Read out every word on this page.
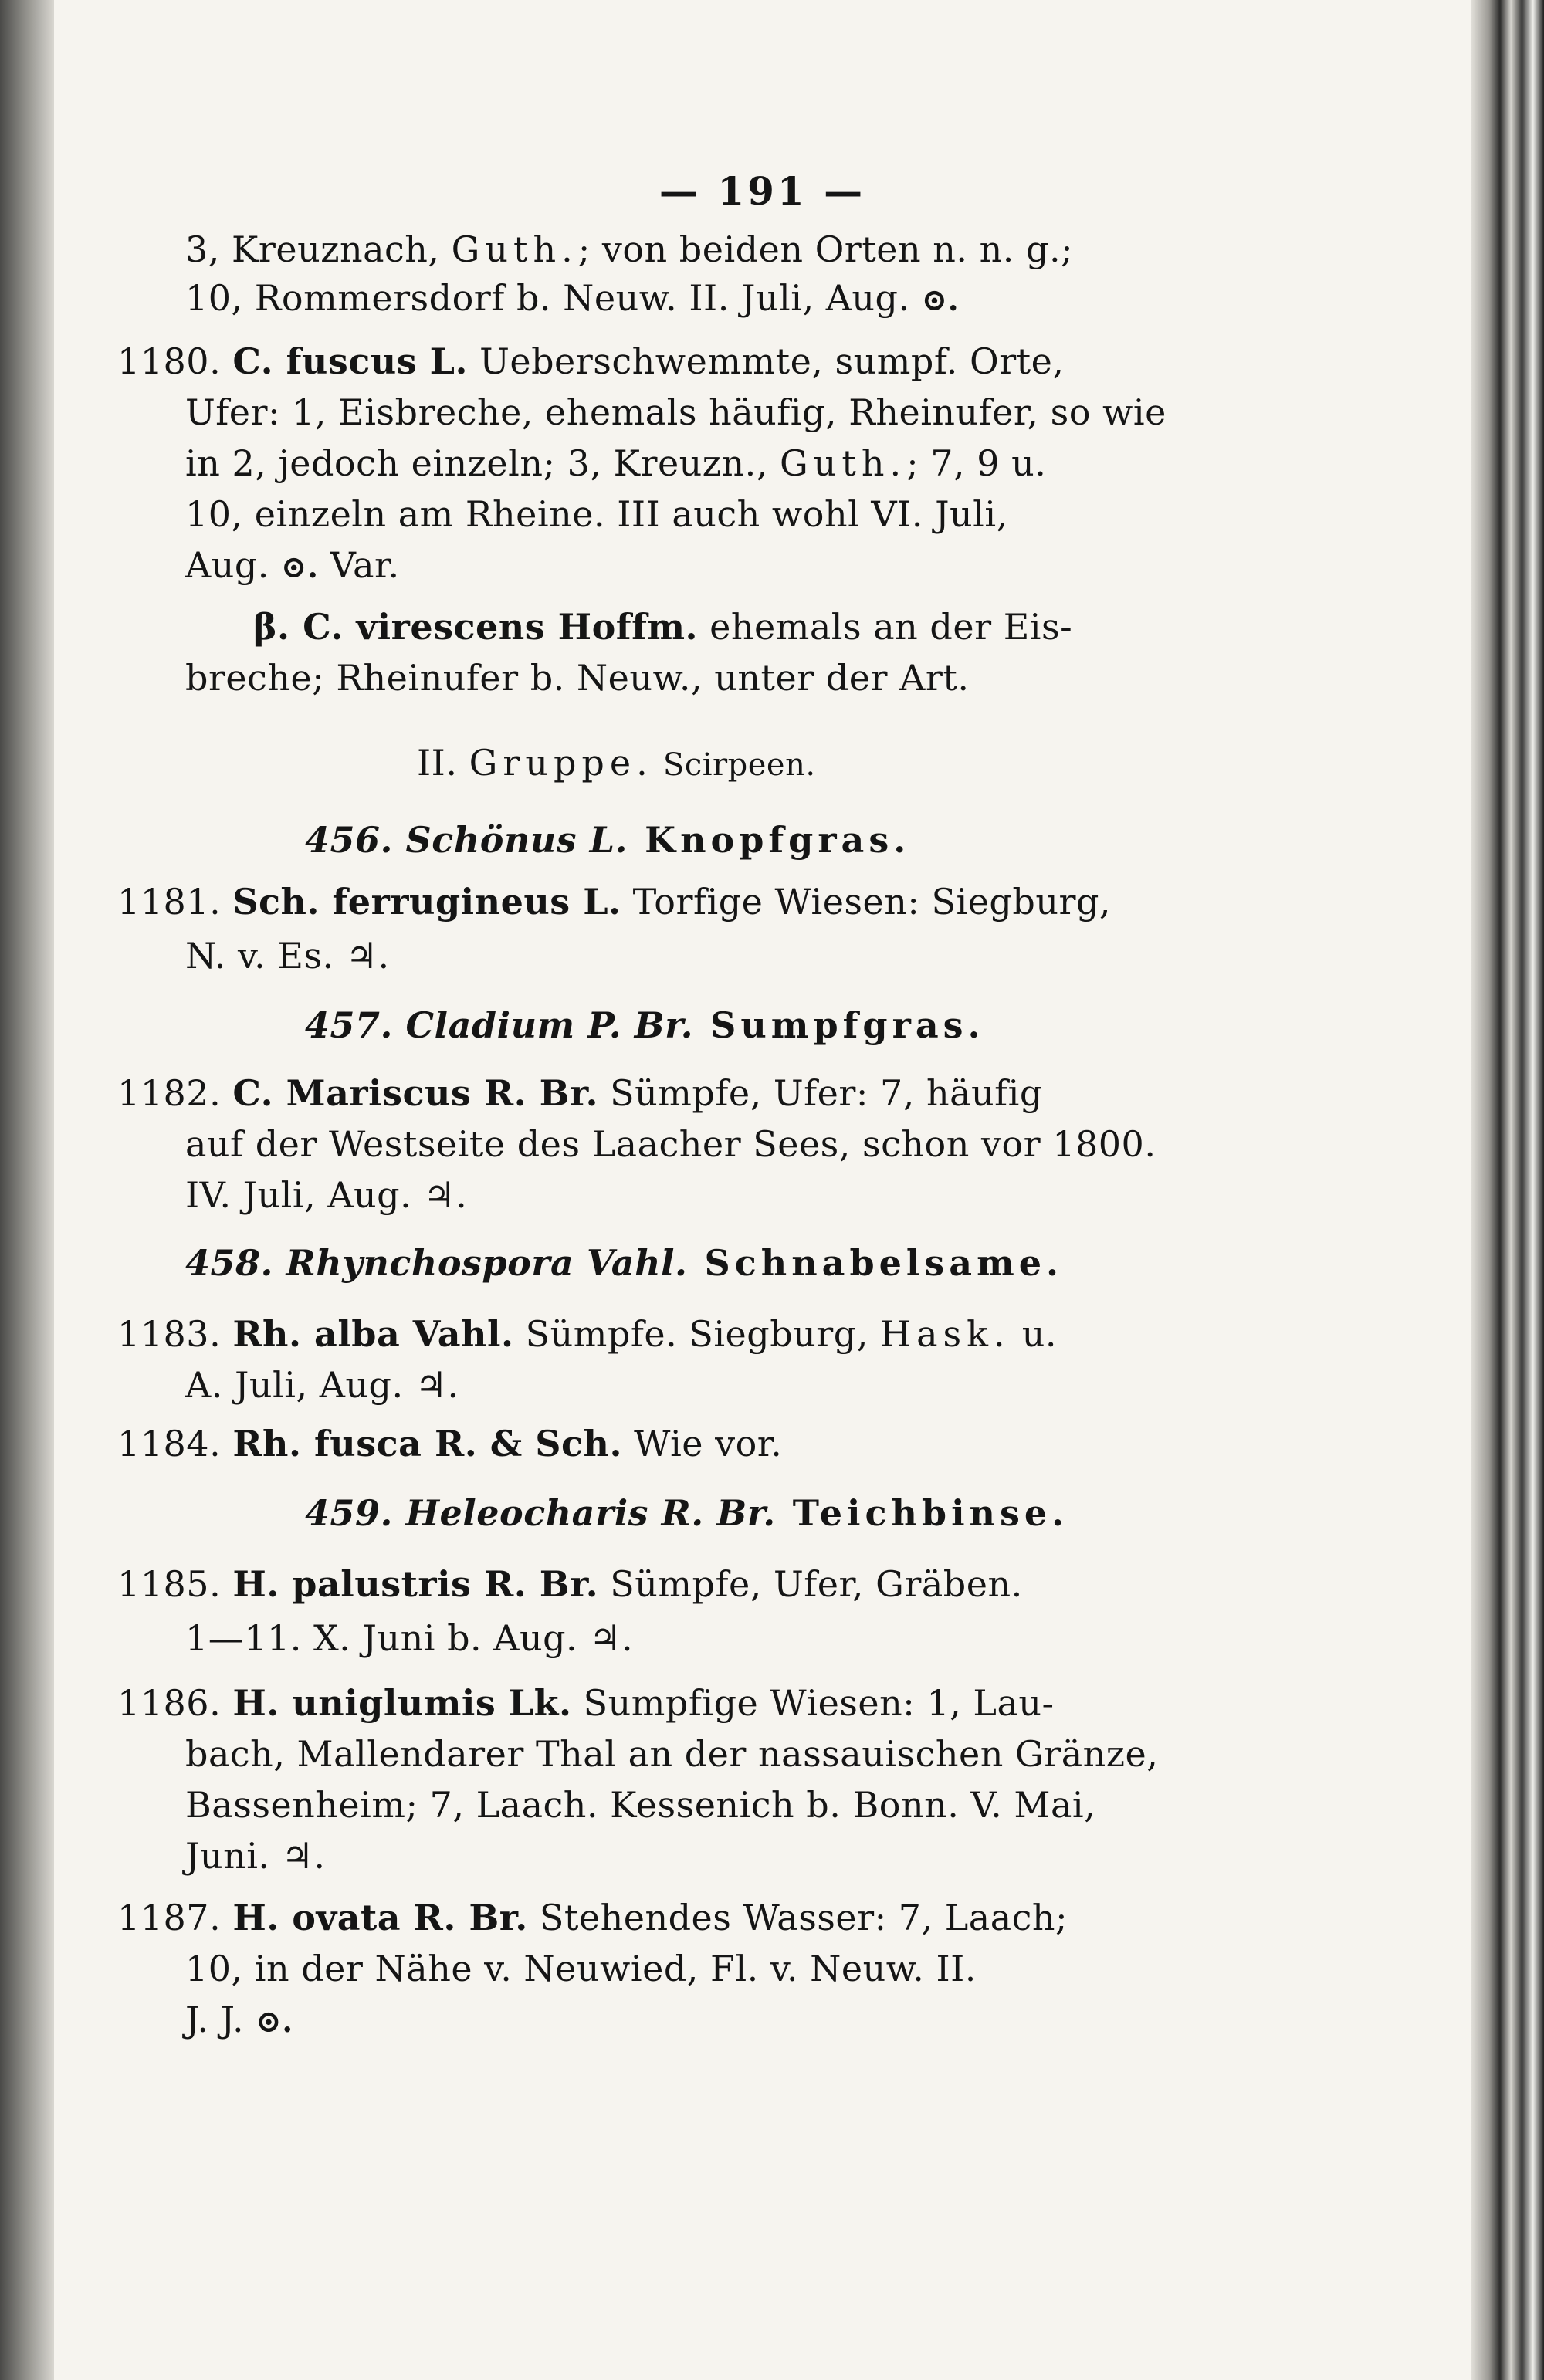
— 191 —
3, Kreuznach, Guth.; von beiden Orten n. n. g.;
10, Rommersdorf b. Neuw. II. Juli, Aug. ⊙.
1180. C. fuscus L. Ueberschwemmte, sumpf. Orte,
Ufer: 1, Eisbreche, ehemals häufig, Rheinufer, so wie
in 2, jedoch einzeln; 3, Kreuzn., Guth.; 7, 9 u.
10, einzeln am Rheine. III auch wohl VI. Juli,
Aug. ⊙. Var.
β. C. virescens Hoffm. ehemals an der Eis-
breche; Rheinufer b. Neuw., unter der Art.
II. Gruppe. Scirpeen.
456. Schönus L. Knopfgras.
1181. Sch. ferrugineus L. Torfige Wiesen: Siegburg,
N. v. Es. ♃.
457. Cladium P. Br. Sumpfgras.
1182. C. Mariscus R. Br. Sümpfe, Ufer: 7, häufig
auf der Westseite des Laacher Sees, schon vor 1800.
IV. Juli, Aug. ♃.
458. Rhynchospora Vahl. Schnabelsame.
1183. Rh. alba Vahl. Sümpfe. Siegburg, Hask. u.
A. Juli, Aug. ♃.
1184. Rh. fusca R. & Sch. Wie vor.
459. Heleocharis R. Br. Teichbinse.
1185. H. palustris R. Br. Sümpfe, Ufer, Gräben.
1—11. X. Juni b. Aug. ♃.
1186. H. uniglumis Lk. Sumpfige Wiesen: 1, Lau-
bach, Mallendarer Thal an der nassauischen Gränze,
Bassenheim; 7, Laach. Kessenich b. Bonn. V. Mai,
Juni. ♃.
1187. H. ovata R. Br. Stehendes Wasser: 7, Laach;
10, in der Nähe v. Neuwied, Fl. v. Neuw. II.
J. J. ⊙.
